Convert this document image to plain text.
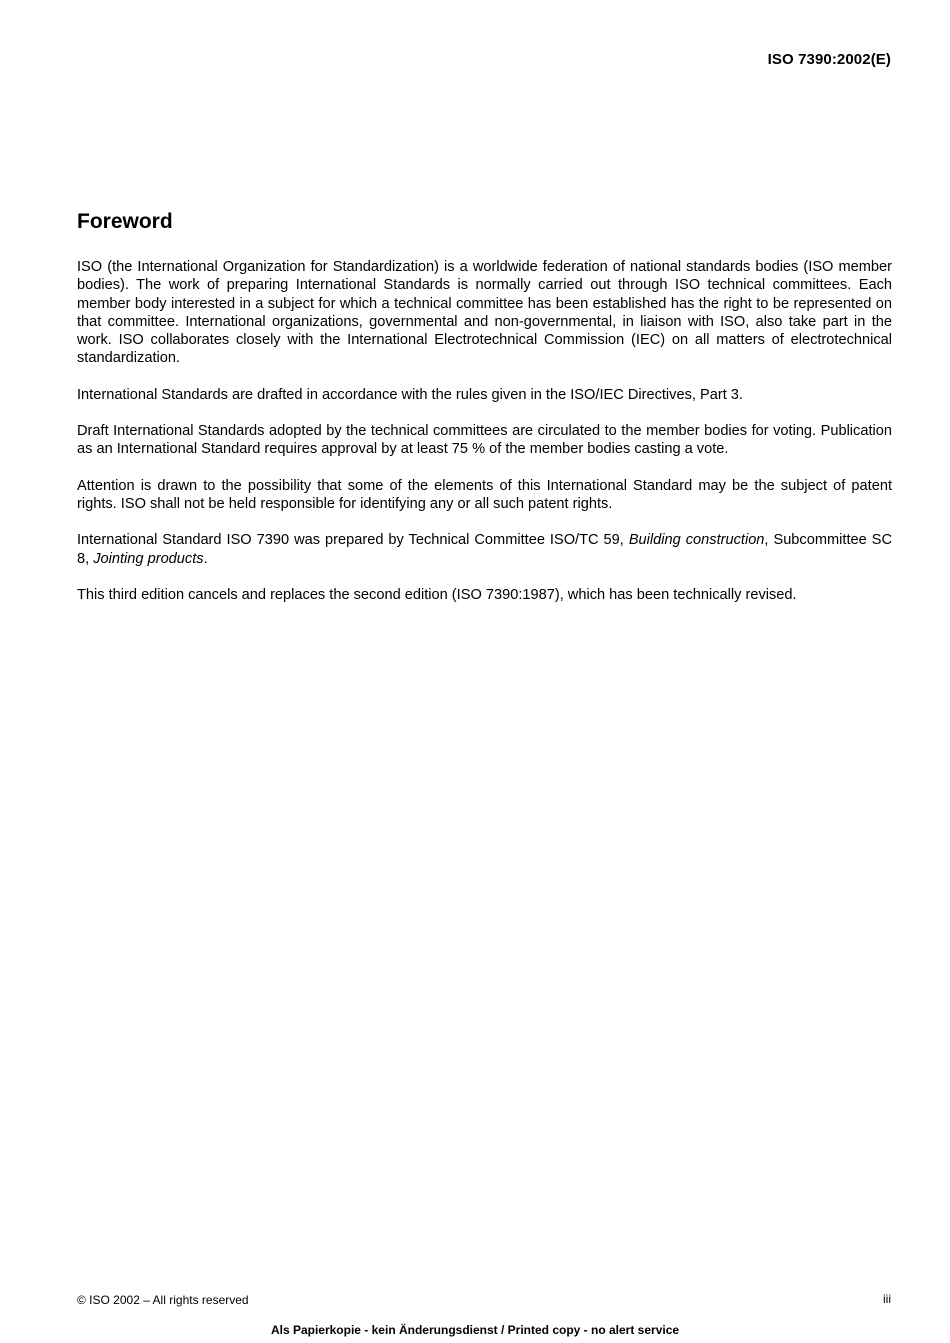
ISO 7390:2002(E)
Foreword

ISO (the International Organization for Standardization) is a worldwide federation of national standards bodies (ISO member bodies). The work of preparing International Standards is normally carried out through ISO technical committees. Each member body interested in a subject for which a technical committee has been established has the right to be represented on that committee. International organizations, governmental and non-governmental, in liaison with ISO, also take part in the work. ISO collaborates closely with the International Electrotechnical Commission (IEC) on all matters of electrotechnical standardization.

International Standards are drafted in accordance with the rules given in the ISO/IEC Directives, Part 3.

Draft International Standards adopted by the technical committees are circulated to the member bodies for voting. Publication as an International Standard requires approval by at least 75 % of the member bodies casting a vote.

Attention is drawn to the possibility that some of the elements of this International Standard may be the subject of patent rights. ISO shall not be held responsible for identifying any or all such patent rights.

International Standard ISO 7390 was prepared by Technical Committee ISO/TC 59, Building construction, Subcommittee SC 8, Jointing products.

This third edition cancels and replaces the second edition (ISO 7390:1987), which has been technically revised.

© ISO 2002 – All rights reserved	iii
Als Papierkopie - kein Änderungsdienst / Printed copy - no alert service
